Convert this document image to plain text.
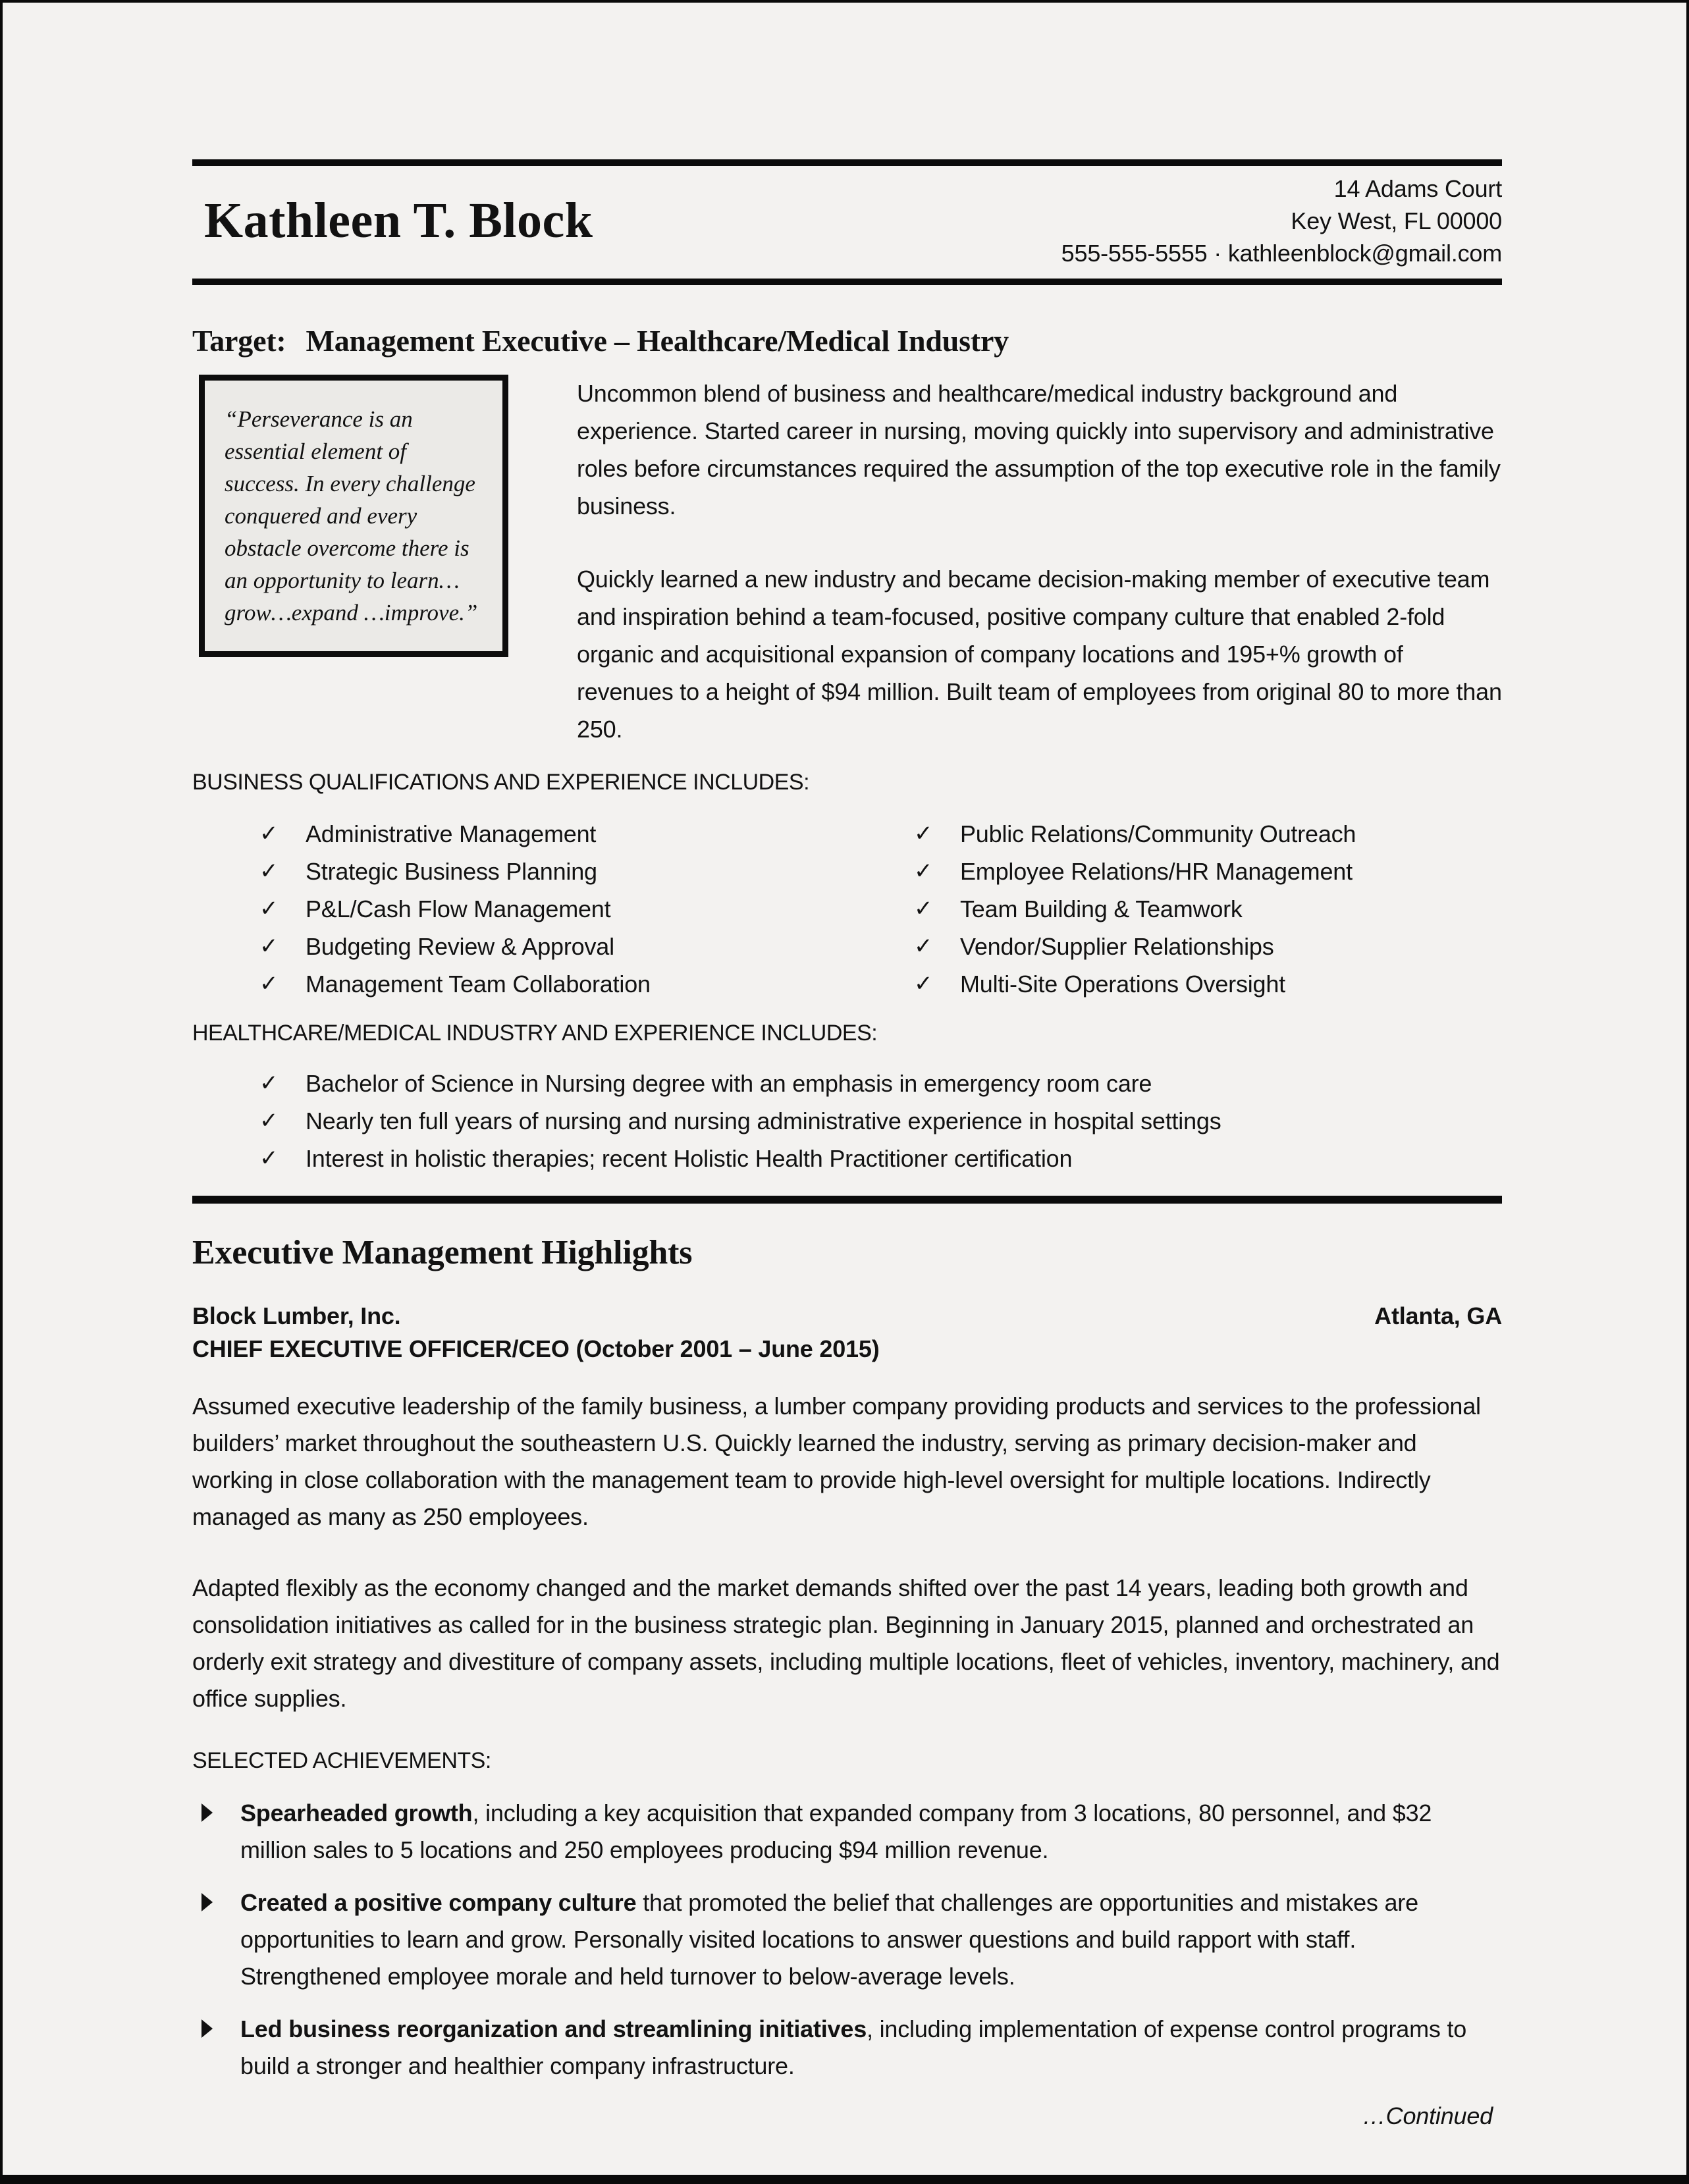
Kathleen T. Block
14 Adams Court
Key West, FL 00000
555-555-5555 · kathleenblock@gmail.com
Target: Management Executive – Healthcare/Medical Industry
“Perseverance is an essential element of success. In every challenge conquered and every obstacle overcome there is an opportunity to learn…grow…expand …improve.”

Uncommon blend of business and healthcare/medical industry background and experience. Started career in nursing, moving quickly into supervisory and administrative roles before circumstances required the assumption of the top executive role in the family business.

Quickly learned a new industry and became decision-making member of executive team and inspiration behind a team-focused, positive company culture that enabled 2-fold organic and acquisitional expansion of company locations and 195+% growth of revenues to a height of $94 million. Built team of employees from original 80 to more than 250.

BUSINESS QUALIFICATIONS AND EXPERIENCE INCLUDES:
✓	Administrative Management
✓	Strategic Business Planning
✓	P&L/Cash Flow Management
✓	Budgeting Review & Approval
✓	Management Team Collaboration
✓	Public Relations/Community Outreach
✓	Employee Relations/HR Management
✓	Team Building & Teamwork
✓	Vendor/Supplier Relationships
✓	Multi-Site Operations Oversight
HEALTHCARE/MEDICAL INDUSTRY AND EXPERIENCE INCLUDES:
✓	Bachelor of Science in Nursing degree with an emphasis in emergency room care
✓	Nearly ten full years of nursing and nursing administrative experience in hospital settings
✓	Interest in holistic therapies; recent Holistic Health Practitioner certification
Executive Management Highlights
Block Lumber, Inc.	Atlanta, GA
CHIEF EXECUTIVE OFFICER/CEO (October 2001 – June 2015)

Assumed executive leadership of the family business, a lumber company providing products and services to the professional builders’ market throughout the southeastern U.S. Quickly learned the industry, serving as primary decision-maker and working in close collaboration with the management team to provide high-level oversight for multiple locations. Indirectly managed as many as 250 employees.

Adapted flexibly as the economy changed and the market demands shifted over the past 14 years, leading both growth and consolidation initiatives as called for in the business strategic plan. Beginning in January 2015, planned and orchestrated an orderly exit strategy and divestiture of company assets, including multiple locations, fleet of vehicles, inventory, machinery, and office supplies.

SELECTED ACHIEVEMENTS:
Spearheaded growth, including a key acquisition that expanded company from 3 locations, 80 personnel, and $32 million sales to 5 locations and 250 employees producing $94 million revenue.
Created a positive company culture that promoted the belief that challenges are opportunities and mistakes are opportunities to learn and grow. Personally visited locations to answer questions and build rapport with staff. Strengthened employee morale and held turnover to below-average levels.
Led business reorganization and streamlining initiatives, including implementation of expense control programs to build a stronger and healthier company infrastructure.
…Continued
